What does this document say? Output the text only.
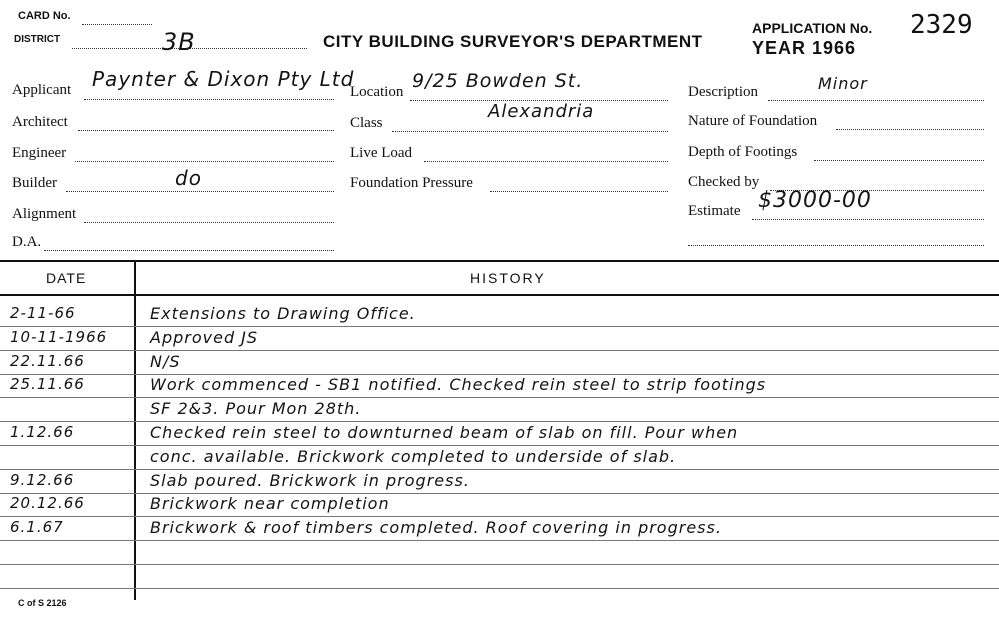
CARD No.
DISTRICT	3B	CITY BUILDING SURVEYOR'S DEPARTMENT
APPLICATION No. 2329
YEAR 1966
Applicant Paynter & Dixon Pty Ltd
Architect
Engineer
Builder	do
Alignment
D.A.
Location 9/25 Bowden St.
Class
Alexandria
Live Load
Foundation Pressure
Description	Minor
Nature of Foundation
Depth of Footings
Checked by
Estimate $3000-00
DATE	HISTORY
2-11-66	Extensions to Drawing Office.
10-11-1966	Approved JS
22.11.66	N/S
25.11.66	Work commenced - SB1 notified. Checked rein steel to strip footings
SF 2&3. Pour Mon 28th.
1.12.66	Checked rein steel to downturned beam of slab on fill. Pour when
conc. available. Brickwork completed to underside of slab.
9.12.66	Slab poured. Brickwork in progress.
20.12.66	Brickwork near completion
6.1.67	Brickwork & roof timbers completed. Roof covering in progress.
C of S 2126
